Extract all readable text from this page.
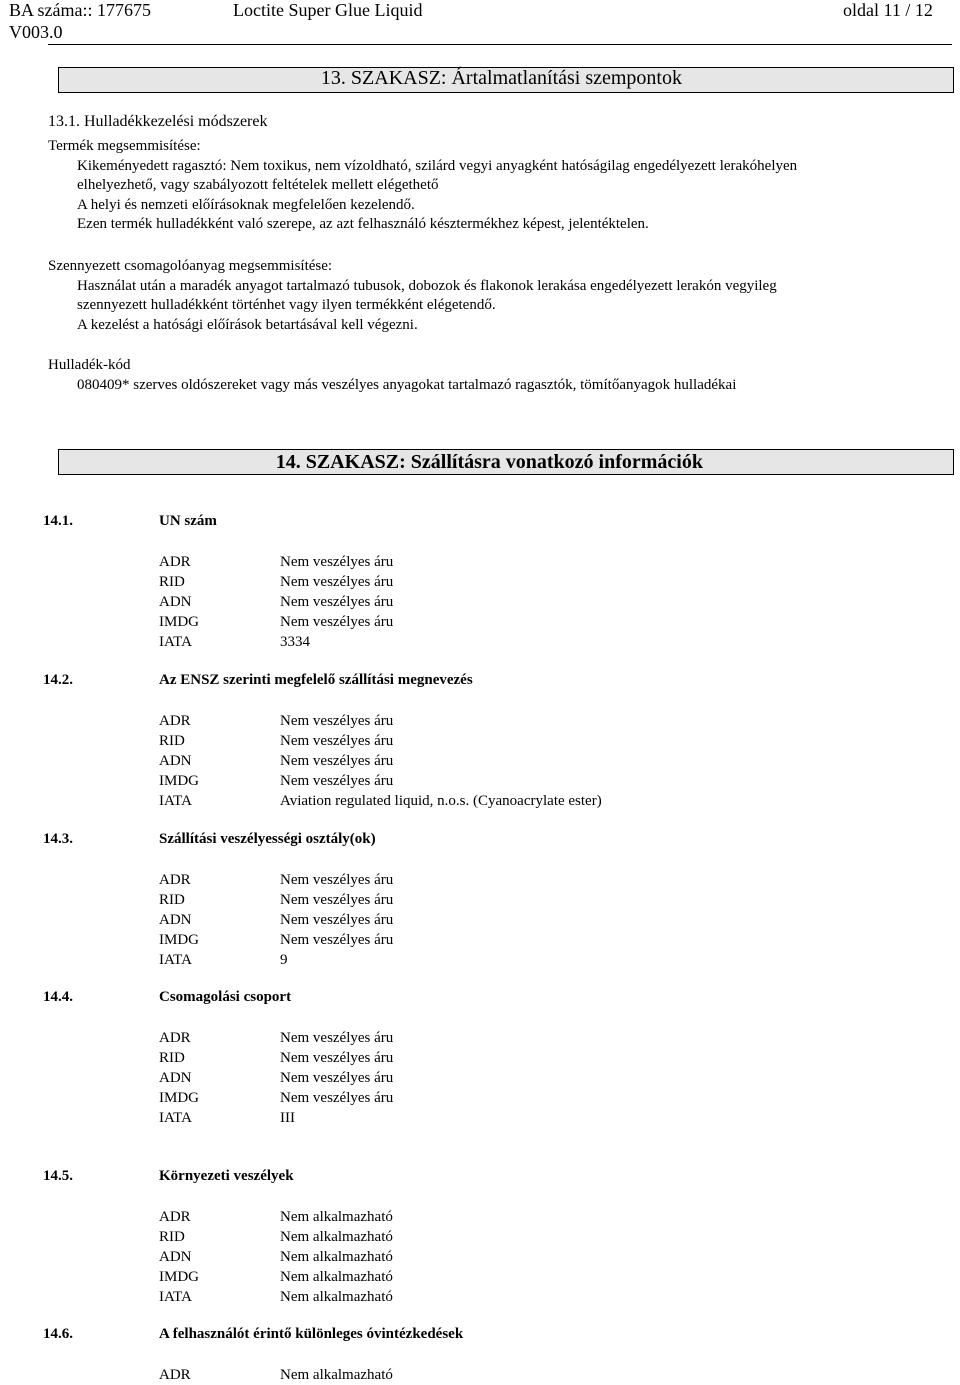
BA száma:: 177675
V003.0
Loctite Super Glue Liquid	oldal 11 / 12
13. SZAKASZ: Ártalmatlanítási szempontok
13.1. Hulladékkezelési módszerek
Termék megsemmisítése:
Kikeményedett ragasztó: Nem toxikus, nem vízoldható, szilárd vegyi anyagként hatóságilag engedélyezett lerakóhelyen
elhelyezhető, vagy szabályozott feltételek mellett elégethető
A helyi és nemzeti előírásoknak megfelelően kezelendő.
Ezen termék hulladékként való szerepe, az azt felhasználó késztermékhez képest, jelentéktelen.
Szennyezett csomagolóanyag megsemmisítése:
Használat után a maradék anyagot tartalmazó tubusok, dobozok és flakonok lerakása engedélyezett lerakón vegyileg
szennyezett hulladékként történhet vagy ilyen termékként elégetendő.
A kezelést a hatósági előírások betartásával kell végezni.
Hulladék-kód
080409* szerves oldószereket vagy más veszélyes anyagokat tartalmazó ragasztók, tömítőanyagok hulladékai
14. SZAKASZ: Szállításra vonatkozó információk
14.1.	UN szám
ADR	Nem veszélyes áru
RID	Nem veszélyes áru
ADN	Nem veszélyes áru
IMDG	Nem veszélyes áru
IATA	3334
14.2.	Az ENSZ szerinti megfelelő szállítási megnevezés
ADR	Nem veszélyes áru
RID	Nem veszélyes áru
ADN	Nem veszélyes áru
IMDG	Nem veszélyes áru
IATA	Aviation regulated liquid, n.o.s. (Cyanoacrylate ester)
14.3.	Szállítási veszélyességi osztály(ok)
ADR	Nem veszélyes áru
RID	Nem veszélyes áru
ADN	Nem veszélyes áru
IMDG	Nem veszélyes áru
IATA	9
14.4.	Csomagolási csoport
ADR	Nem veszélyes áru
RID	Nem veszélyes áru
ADN	Nem veszélyes áru
IMDG	Nem veszélyes áru
IATA	III
14.5.	Környezeti veszélyek
ADR	Nem alkalmazható
RID	Nem alkalmazható
ADN	Nem alkalmazható
IMDG	Nem alkalmazható
IATA	Nem alkalmazható
14.6.	A felhasználót érintő különleges óvintézkedések
ADR	Nem alkalmazható
